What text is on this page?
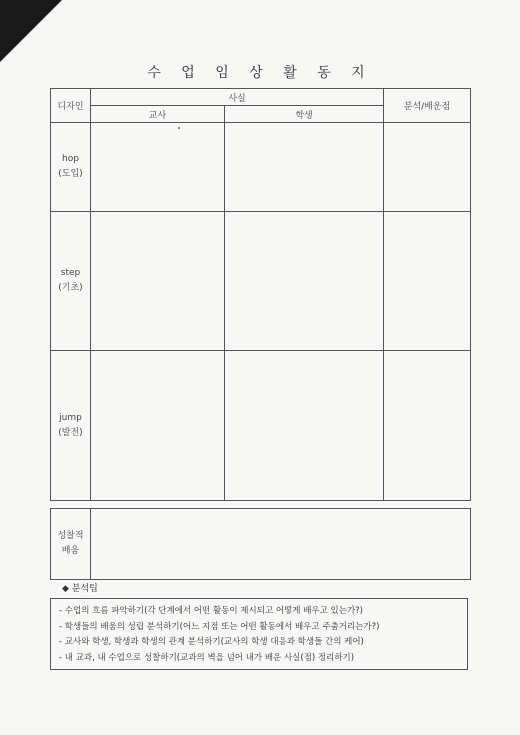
수 업 임 상 활 동 지
디자인	사실		분석/배운점
	교사	학생	
hop
(도입)			
step
(기초)			
jump
(발전)			
성찰적
배움	
◆ 분석팁
- 수업의 흐름 파악하기(각 단계에서 어떤 활동이 제시되고 어떻게 배우고 있는가?)
- 학생들의 배움의 성립 분석하기(어느 지점 또는 어떤 활동에서 배우고 주춤거리는가?)
- 교사와 학생, 학생과 학생의 관계 분석하기(교사의 학생 대응과 학생들 간의 케어)
- 내 교과, 내 수업으로 성찰하기(교과의 벽을 넘어 내가 배운 사실(점) 정리하기)
